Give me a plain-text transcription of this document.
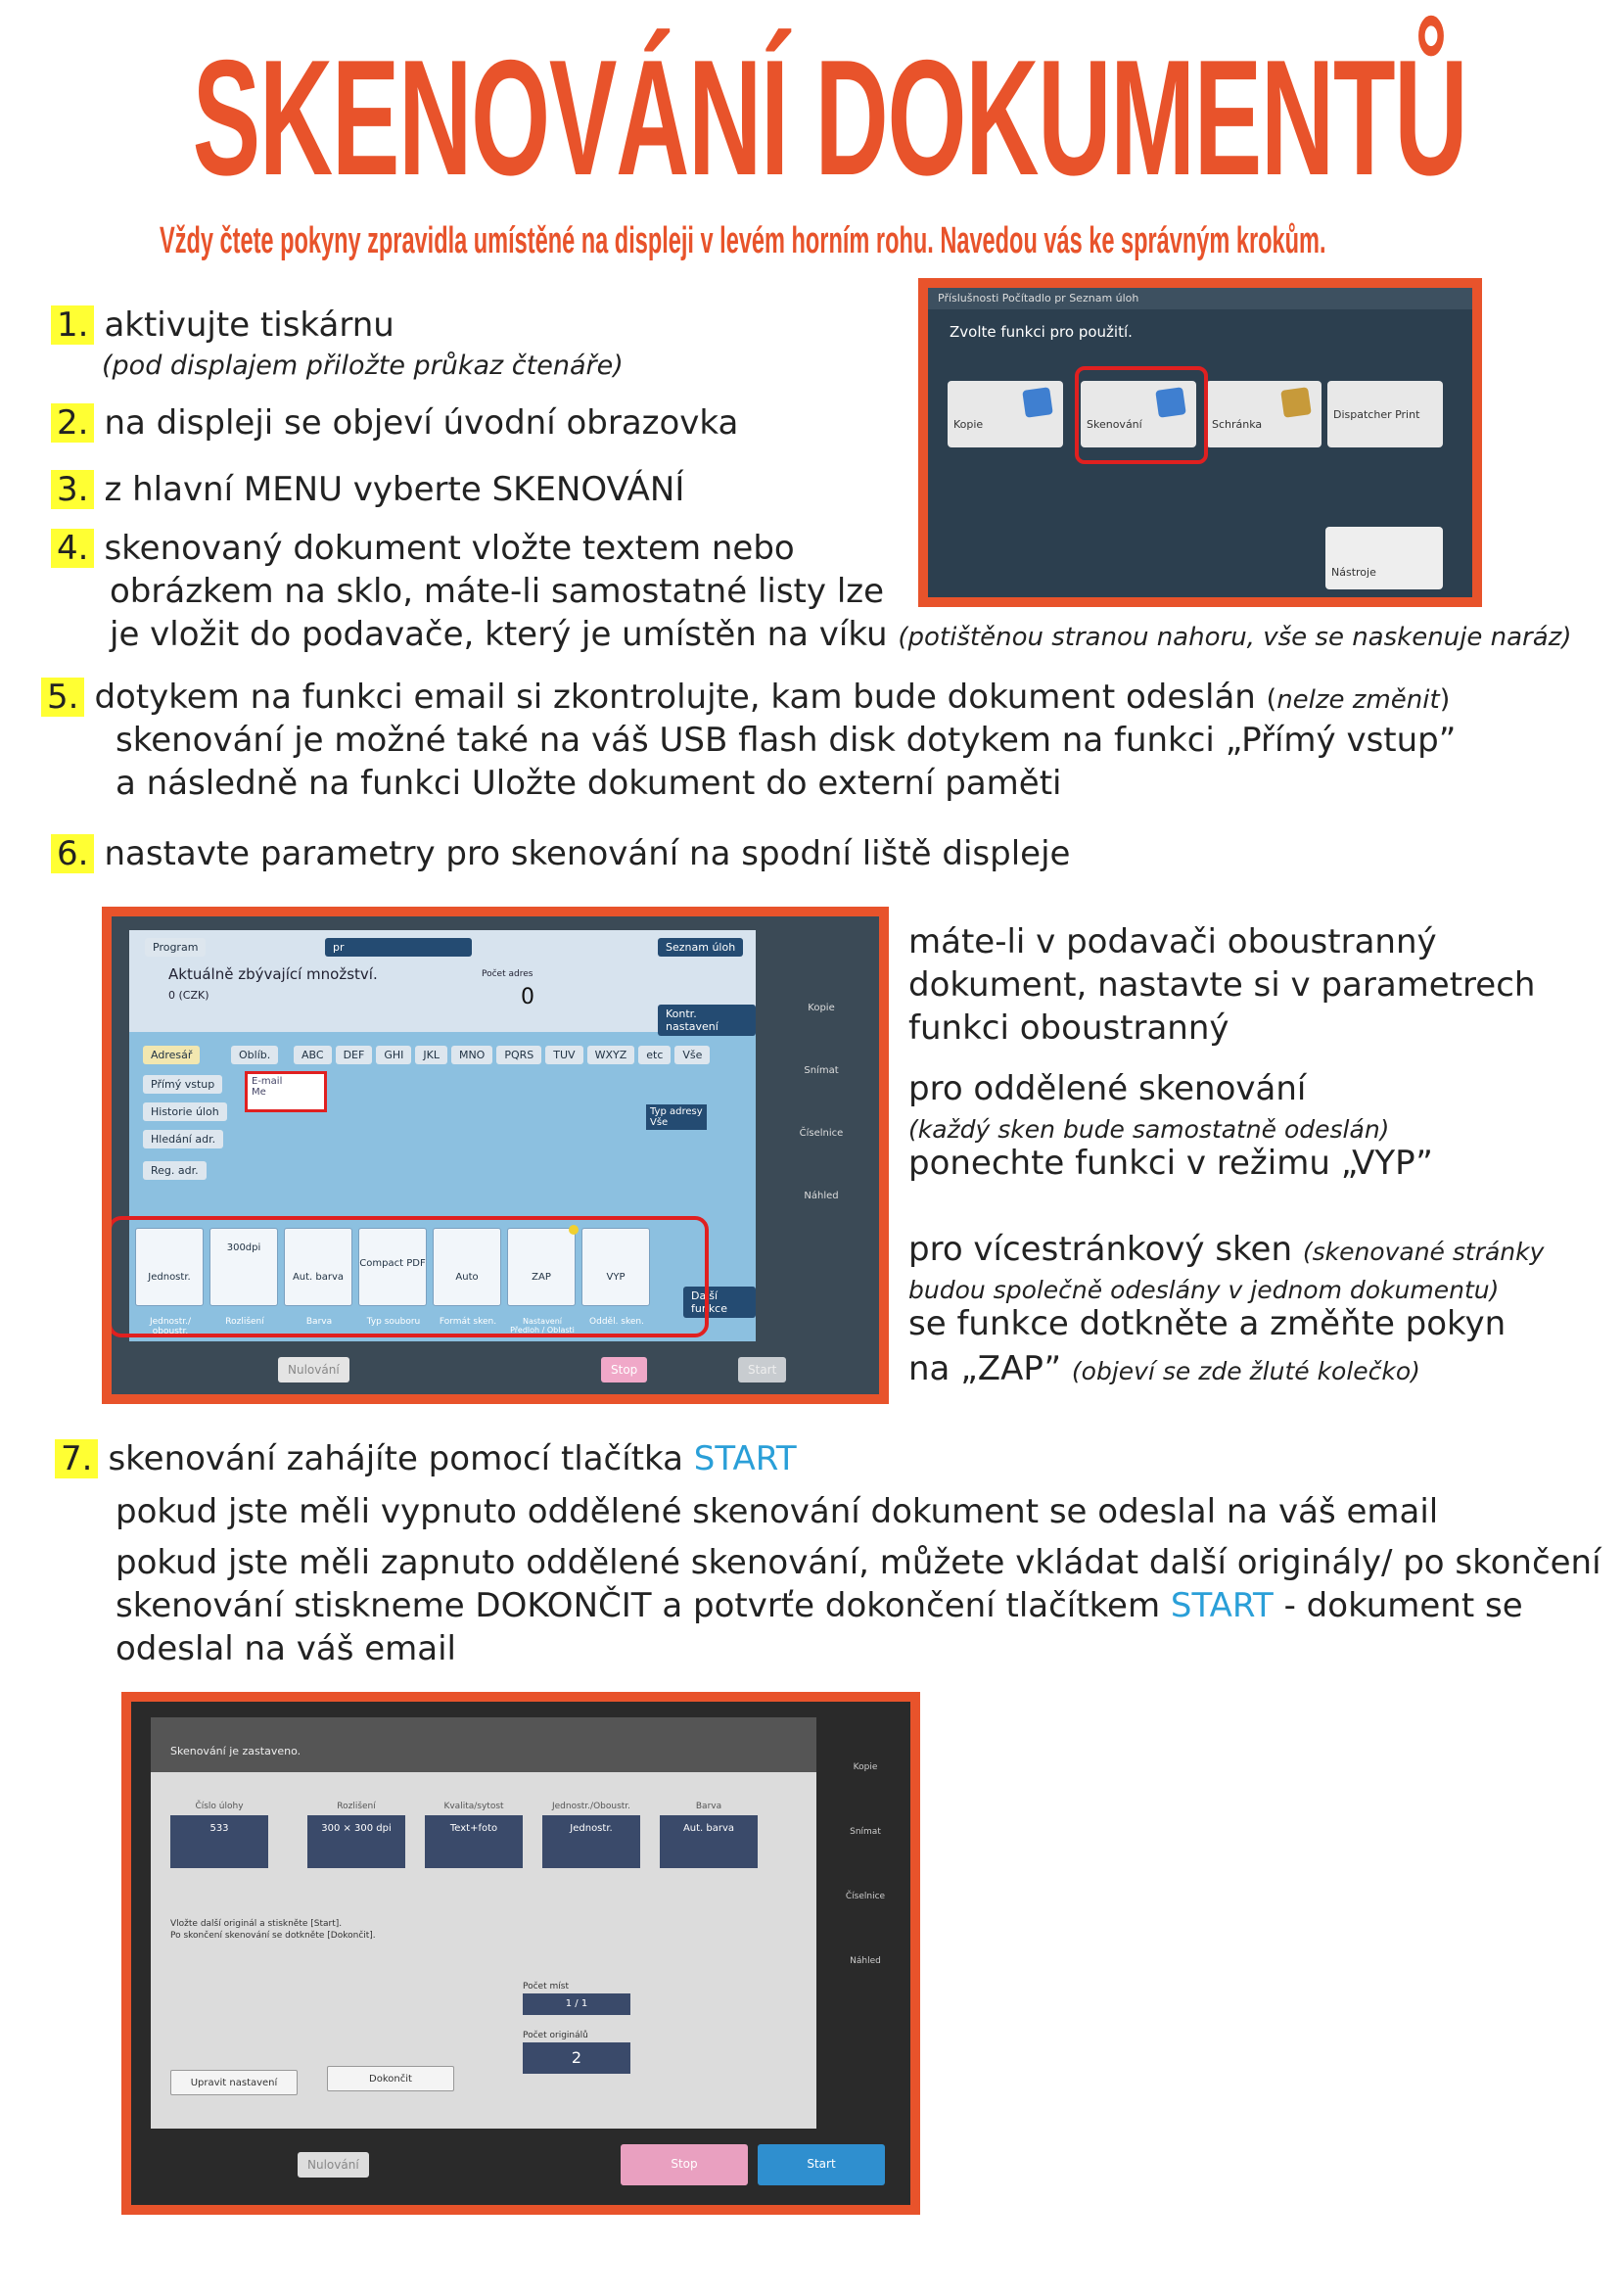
SKENOVÁNÍ DOKUMENTŮ
Vždy čtete pokyny zpravidla umístěné na displeji v levém horním rohu. Navedou vás ke správným krokům.
1. aktivujte tiskárnu
(pod displajem přiložte průkaz čtenáře)
2. na displeji se objeví úvodní obrazovka
3. z hlavní MENU vyberte SKENOVÁNÍ
4. skenovaný dokument vložte textem nebo
obrázkem na sklo, máte-li samostatné listy lze
je vložit do podavače, který je umístěn na víku (potištěnou stranou nahoru, vše se naskenuje naráz)
5. dotykem na funkci email si zkontrolujte, kam bude dokument odeslán (nelze změnit)
skenování je možné také na váš USB flash disk dotykem na funkci „Přímý vstup”
a následně na funkci Uložte dokument do externí paměti
6. nastavte parametry pro skenování na spodní liště displeje
Příslušnosti Počítadlo pr Seznam úloh
Zvolte funkci pro použití.
Kopie	Skenování	Schránka
Dispatcher Print
Nástroje
Program	pr	Seznam úloh
Aktuálně zbývající množství.
0 (CZK)
Počet adres
0
Kontr. nastavení
Adresář	Oblíb.	ABC	DEF	GHI	JKL	MNO	PQRS	TUV	WXYZ	etc	Vše
Přímý vstup
Historie úloh
Hledání adr.
Reg. adr.
E-mail
Me
Typ adresy
Vše
Jednostr.
Jednostr./ oboustr.
300dpi
Rozlišení
Aut. barva
Barva
Compact PDF
Typ souboru
Auto
Formát sken.
ZAP
Nastavení Předloh / Oblasti
VYP
Odděl. sken.
Další funkce
Kopie
Snímat
Číselnice
Náhled
Nulování	Stop	Start
máte-li v podavači oboustranný
dokument, nastavte si v parametrech
funkci oboustranný
pro oddělené skenování
(každý sken bude samostatně odeslán)
ponechte funkci v režimu „VYP”
pro vícestránkový sken (skenované stránky
budou společně odeslány v jednom dokumentu)
se funkce dotkněte a změňte pokyn
na „ZAP” (objeví se zde žluté kolečko)
7. skenování zahájíte pomocí tlačítka START
pokud jste měli vypnuto oddělené skenování dokument se odeslal na váš email
pokud jste měli zapnuto oddělené skenování, můžete vkládat další originály/ po skončení
skenování stiskneme DOKONČIT a potvrťe dokončení tlačítkem START - dokument se
odeslal na váš email
Skenování je zastaveno.
Číslo úlohy
533
Rozlišení
300 × 300 dpi
Kvalita/sytost
Text+foto
Jednostr./Oboustr.
Jednostr.
Barva
Aut. barva
Vložte další originál a stiskněte [Start].
Po skončení skenování se dotkněte [Dokončit].
Počet míst
1 / 1
Počet originálů
2
Upravit nastavení	Dokončit
Kopie
Snímat
Číselnice
Náhled
Nulování	Stop	Start
